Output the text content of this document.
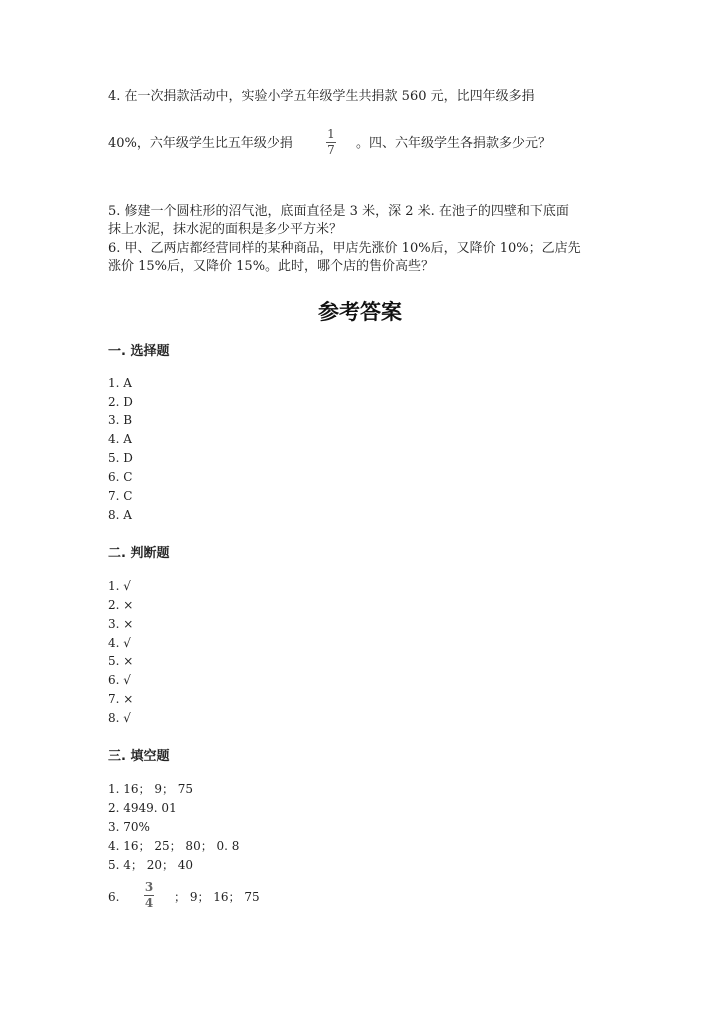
4. 在一次捐款活动中，实验小学五年级学生共捐款 560 元，比四年级多捐
40%，六年级学生比五年级少捐
1
7 。四、六年级学生各捐款多少元？
5. 修建一个圆柱形的沼气池，底面直径是 3 米，深 2 米. 在池子的四壁和下底面
抹上水泥，抹水泥的面积是多少平方米？
6. 甲、乙两店都经营同样的某种商品，甲店先涨价 10%后，又降价 10%；乙店先
涨价 15%后，又降价 15%。此时，哪个店的售价高些？
参考答案
一. 选择题
1. A
2. D
3. B
4. A
5. D
6. C
7. C
8. A
二. 判断题
1. √
2. ×
3. ×
4. √
5. ×
6. √
7. ×
8. √
三. 填空题
1. 16； 9； 75
2. 4949. 01
3. 70%
4. 16； 25； 80； 0. 8
5. 4； 20； 40
6.
3
4 ； 9； 16； 75
